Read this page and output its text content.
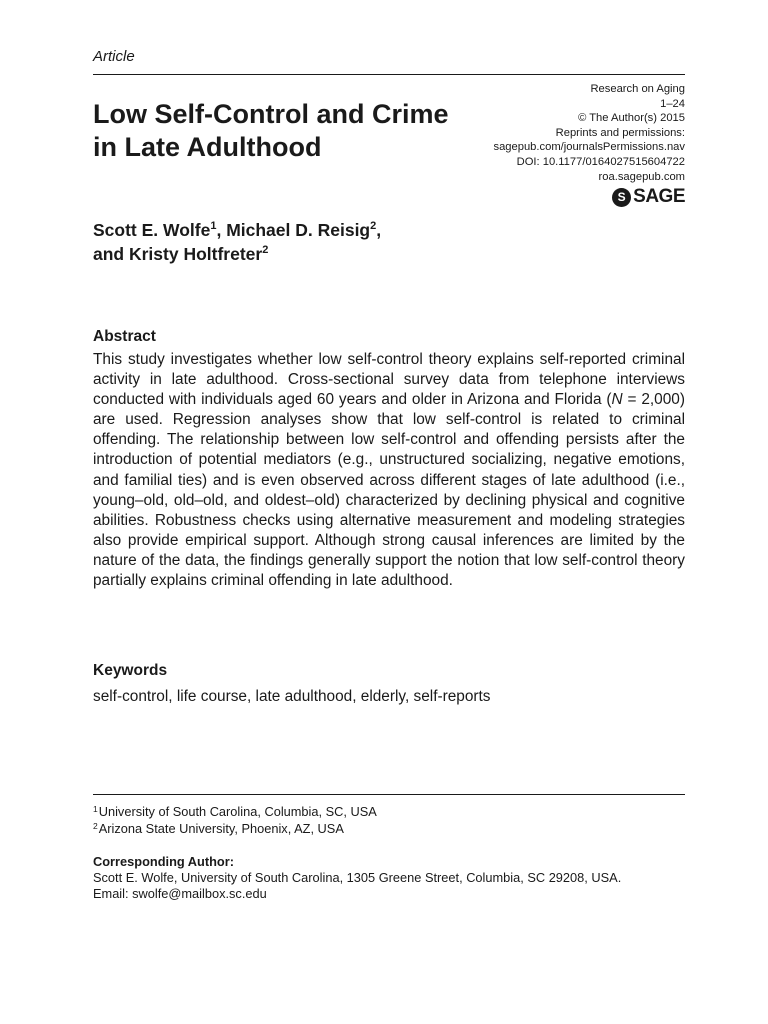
Article
Low Self-Control and Crime in Late Adulthood
Research on Aging
1–24
© The Author(s) 2015
Reprints and permissions:
sagepub.com/journalsPermissions.nav
DOI: 10.1177/0164027515604722
roa.sagepub.com
S SAGE

Scott E. Wolfe$^1$, Michael D. Reisig$^2$,
and Kristy Holtfreter$^2$

Abstract

This study investigates whether low self-control theory explains self-reported criminal activity in late adulthood. Cross-sectional survey data from telephone interviews conducted with individuals aged 60 years and older in Arizona and Florida (N = 2,000) are used. Regression analyses show that low self-control is related to criminal offending. The relationship between low self-control and offending persists after the introduction of potential mediators (e.g., unstructured socializing, negative emotions, and familial ties) and is even observed across different stages of late adulthood (i.e., young–old, old–old, and oldest–old) characterized by declining physical and cognitive abilities. Robustness checks using alternative measurement and modeling strategies also provide empirical support. Although strong causal inferences are limited by the nature of the data, the findings generally support the notion that low self-control theory partially explains criminal offending in late adulthood.

Keywords

self-control, life course, late adulthood, elderly, self-reports

$^1$University of South Carolina, Columbia, SC, USA
$^2$Arizona State University, Phoenix, AZ, USA
Corresponding Author:
Scott E. Wolfe, University of South Carolina, 1305 Greene Street, Columbia, SC 29208, USA.
Email: swolfe@mailbox.sc.edu
